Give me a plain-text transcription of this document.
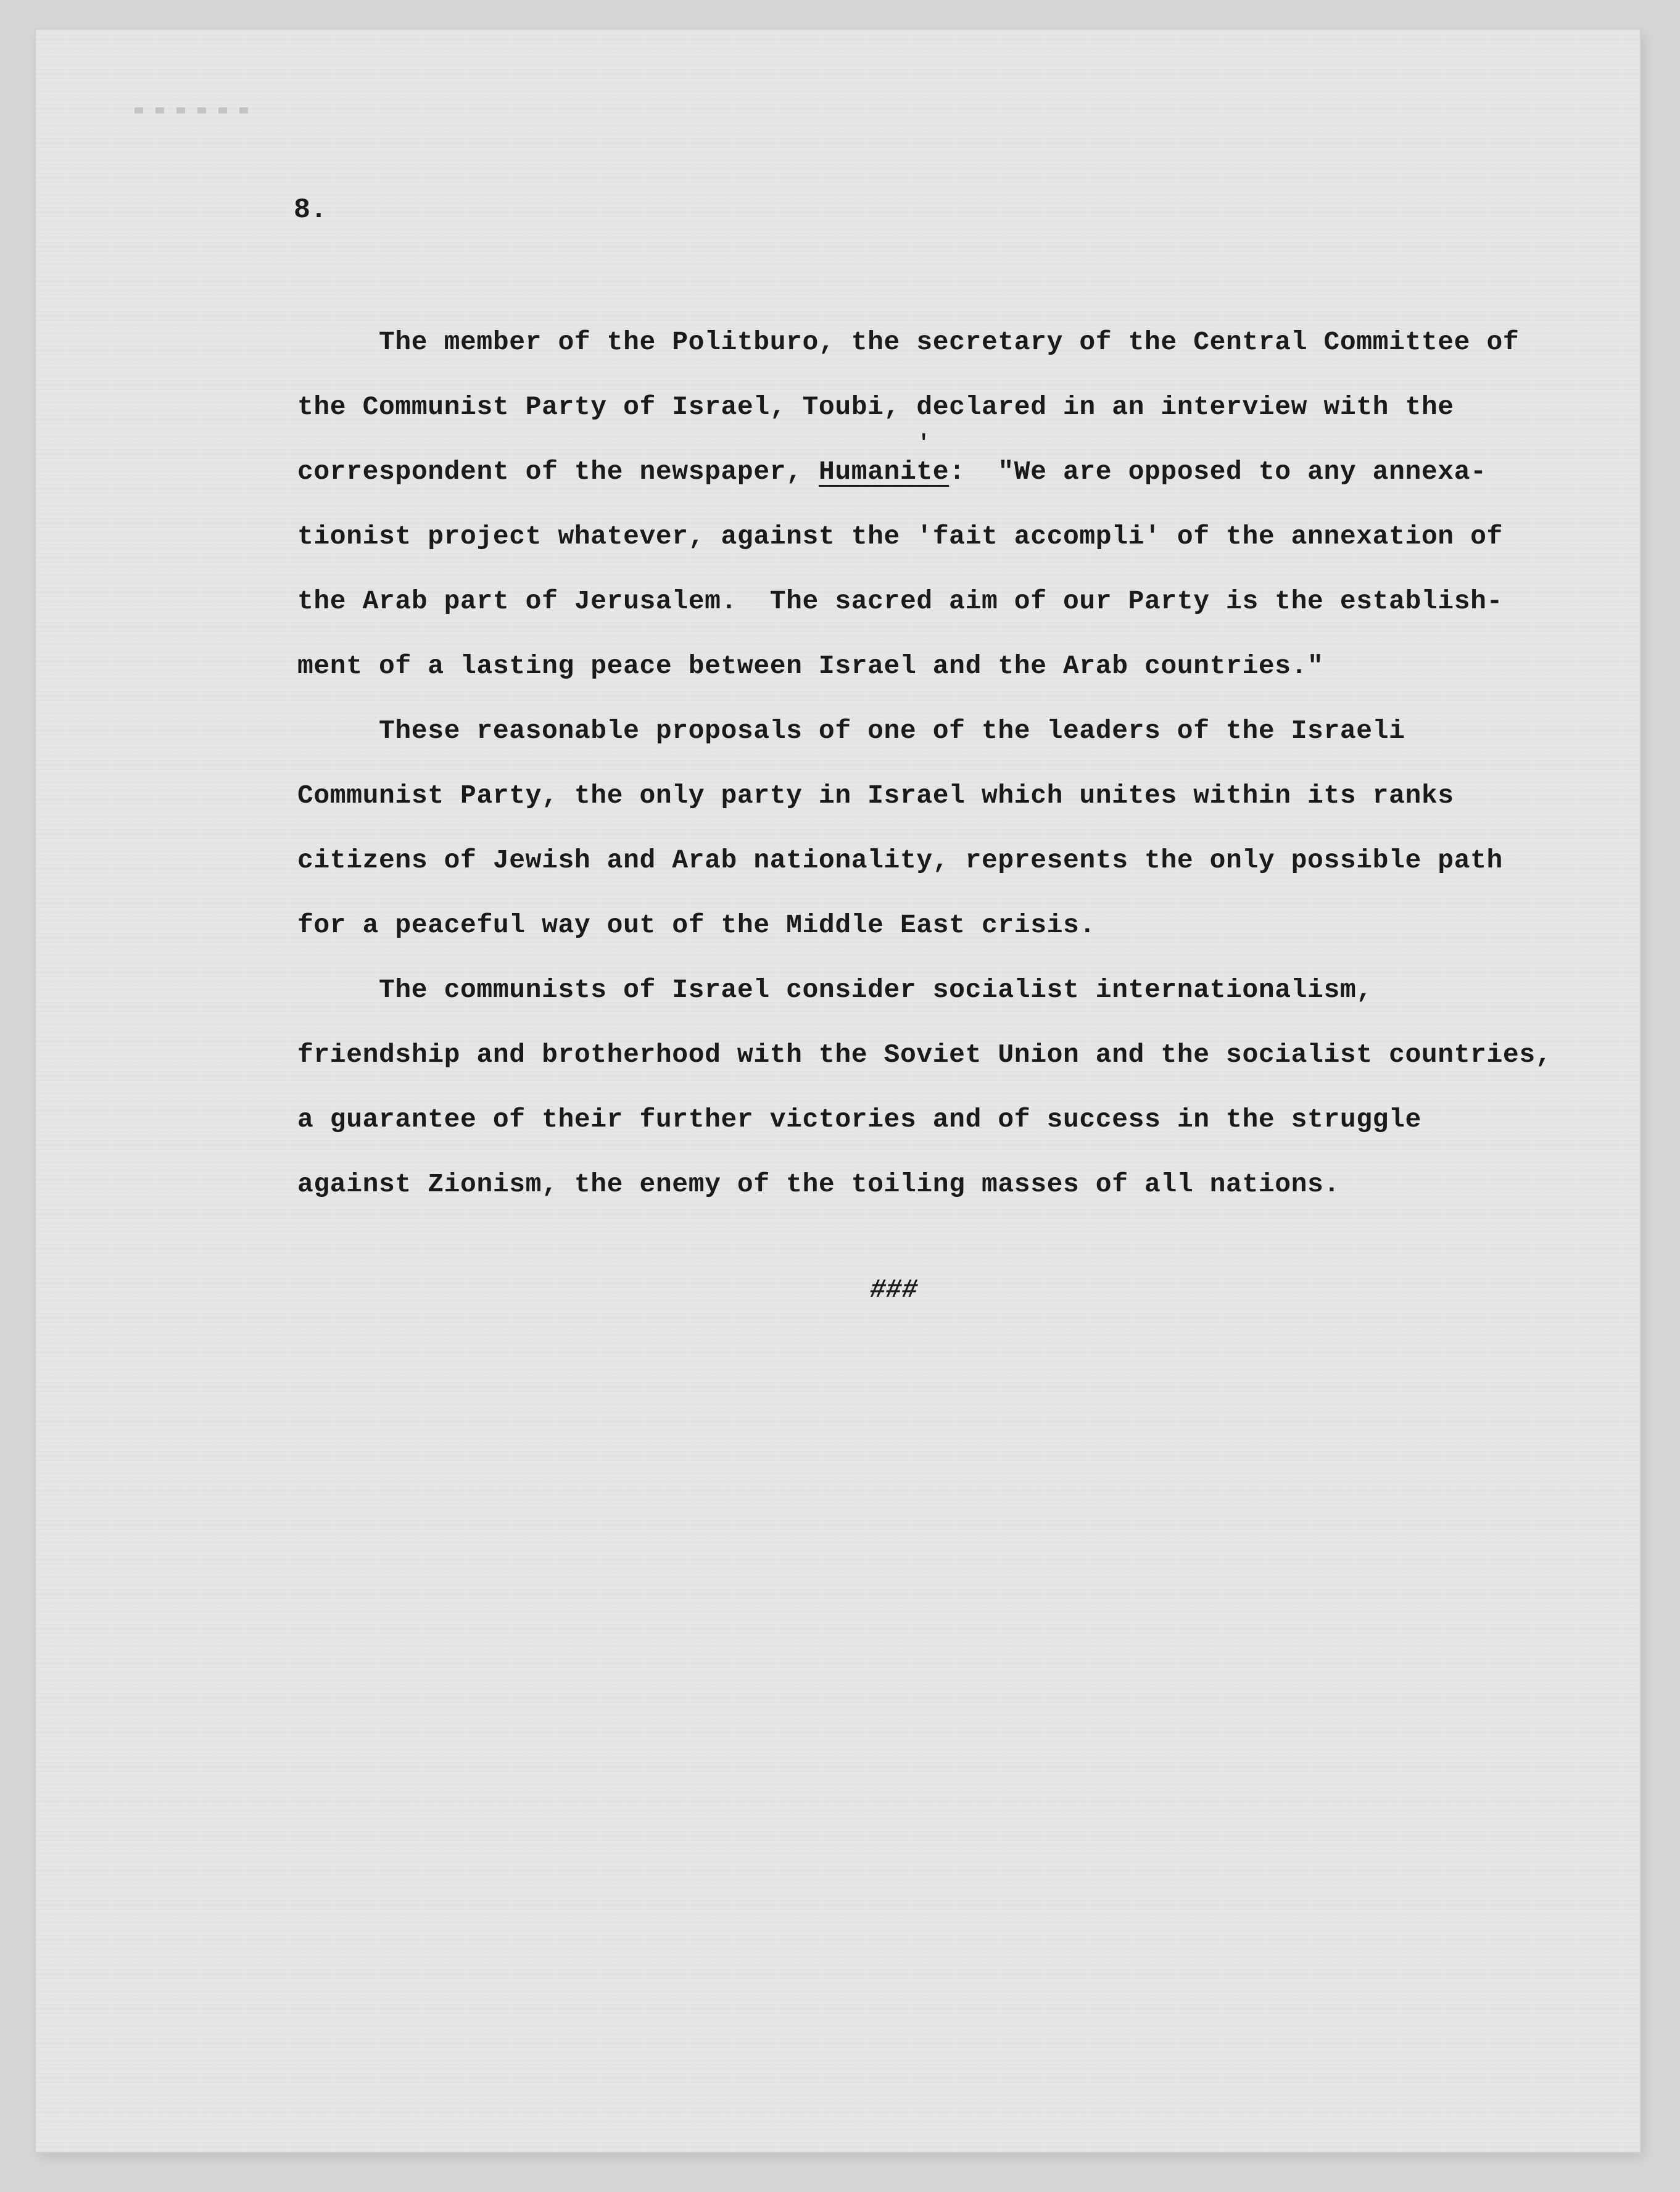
8.

The member of the Politburo, the secretary of the Central Committee of
the Communist Party of Israel, Toubi, declared in an interview with the
correspondent of the newspaper, Humanite:  "We are opposed to any annexa-
'
tionist project whatever, against the 'fait accompli' of the annexation of
the Arab part of Jerusalem.  The sacred aim of our Party is the establish-
ment of a lasting peace between Israel and the Arab countries."
These reasonable proposals of one of the leaders of the Israeli
Communist Party, the only party in Israel which unites within its ranks
citizens of Jewish and Arab nationality, represents the only possible path
for a peaceful way out of the Middle East crisis.
The communists of Israel consider socialist internationalism,
friendship and brotherhood with the Soviet Union and the socialist countries,
a guarantee of their further victories and of success in the struggle
against Zionism, the enemy of the toiling masses of all nations.
###
